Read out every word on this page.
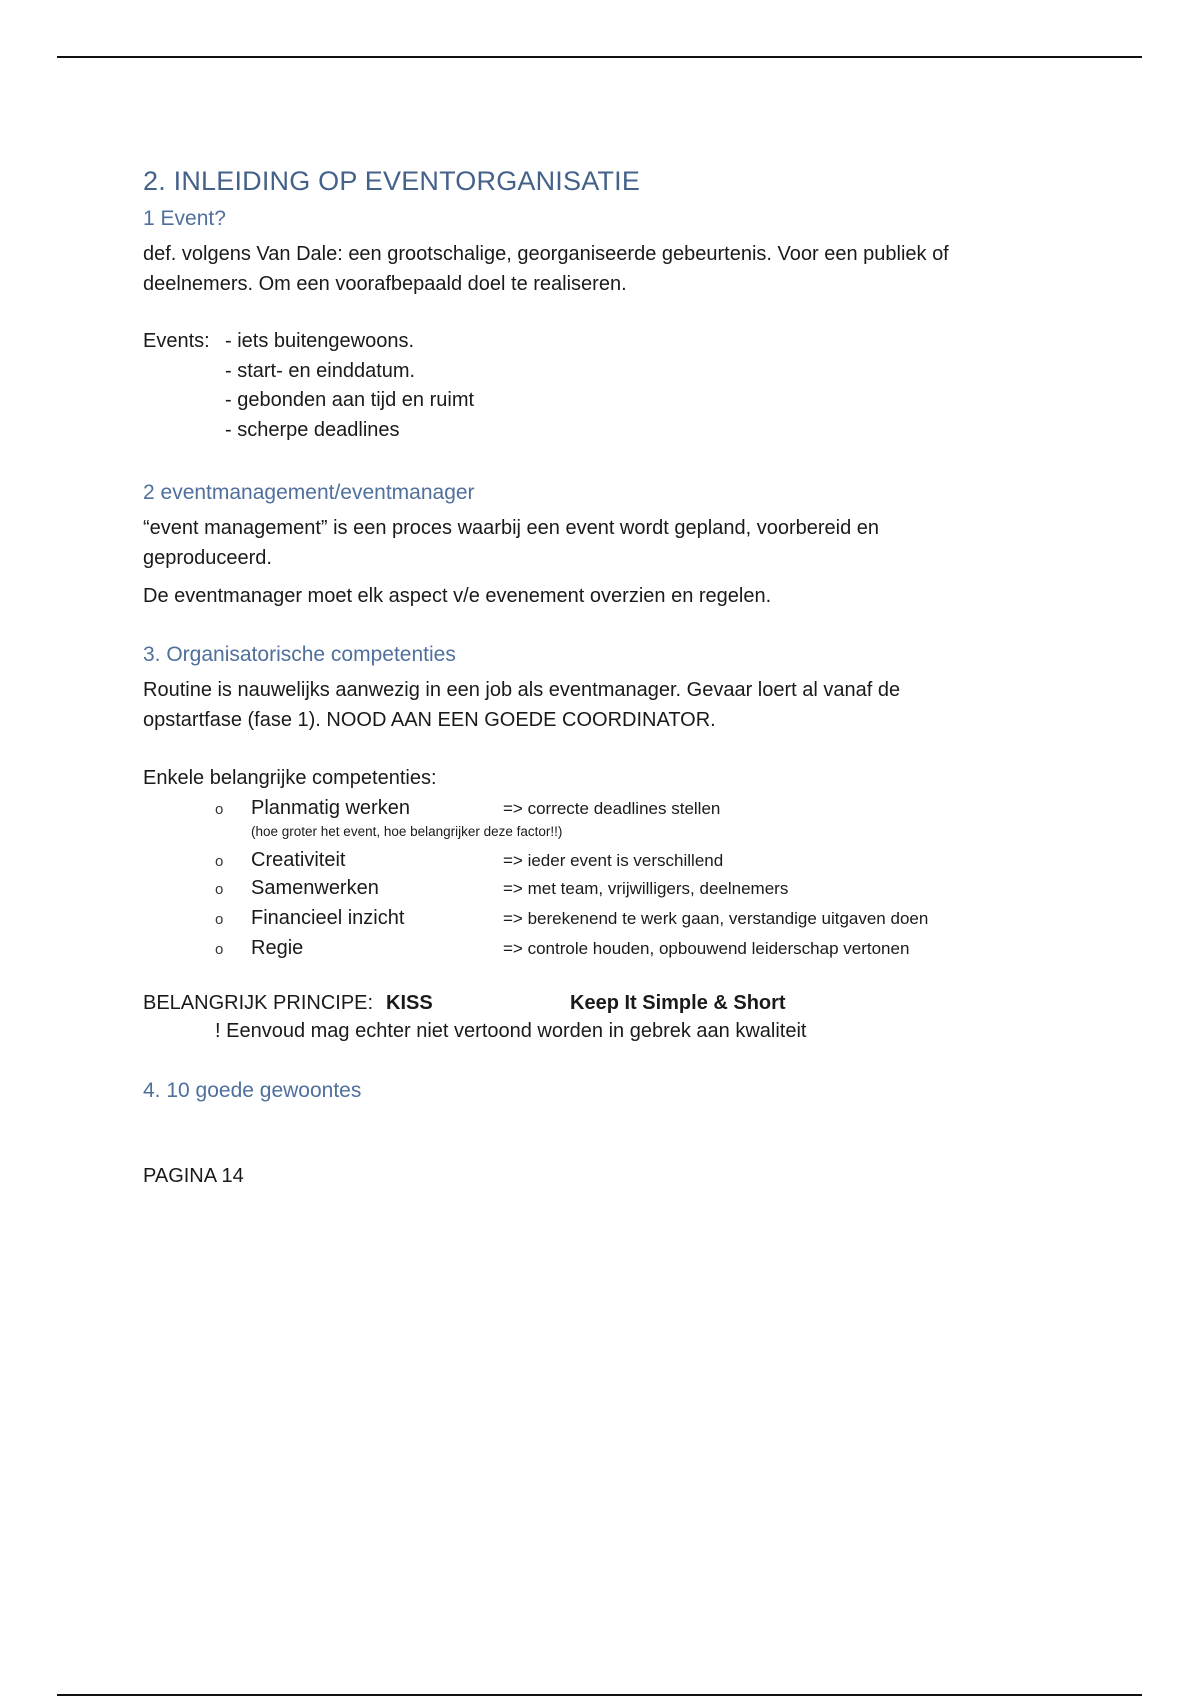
2. INLEIDING OP EVENTORGANISATIE
1 Event?
def. volgens Van Dale: een grootschalige, georganiseerde gebeurtenis. Voor een publiek of
deelnemers. Om een voorafbepaald doel te realiseren.
Events: - iets buitengewoons.
- start- en einddatum.
- gebonden aan tijd en ruimt
- scherpe deadlines
2 eventmanagement/eventmanager
“event management” is een proces waarbij een event wordt gepland, voorbereid en
geproduceerd.
De eventmanager moet elk aspect v/e evenement overzien en regelen.
3. Organisatorische competenties
Routine is nauwelijks aanwezig in een job als eventmanager. Gevaar loert al vanaf de
opstartfase (fase 1). NOOD AAN EEN GOEDE COORDINATOR.
Enkele belangrijke competenties:
o Planmatig werken	=> correcte deadlines stellen
(hoe groter het event, hoe belangrijker deze factor!!)
o Creativiteit	=> ieder event is verschillend
o Samenwerken	=> met team, vrijwilligers, deelnemers
o Financieel inzicht	=> berekenend te werk gaan, verstandige uitgaven doen
o Regie	=> controle houden, opbouwend leiderschap vertonen
BELANGRIJK PRINCIPE: KISS	Keep It Simple & Short
! Eenvoud mag echter niet vertoond worden in gebrek aan kwaliteit
4. 10 goede gewoontes
PAGINA 14
